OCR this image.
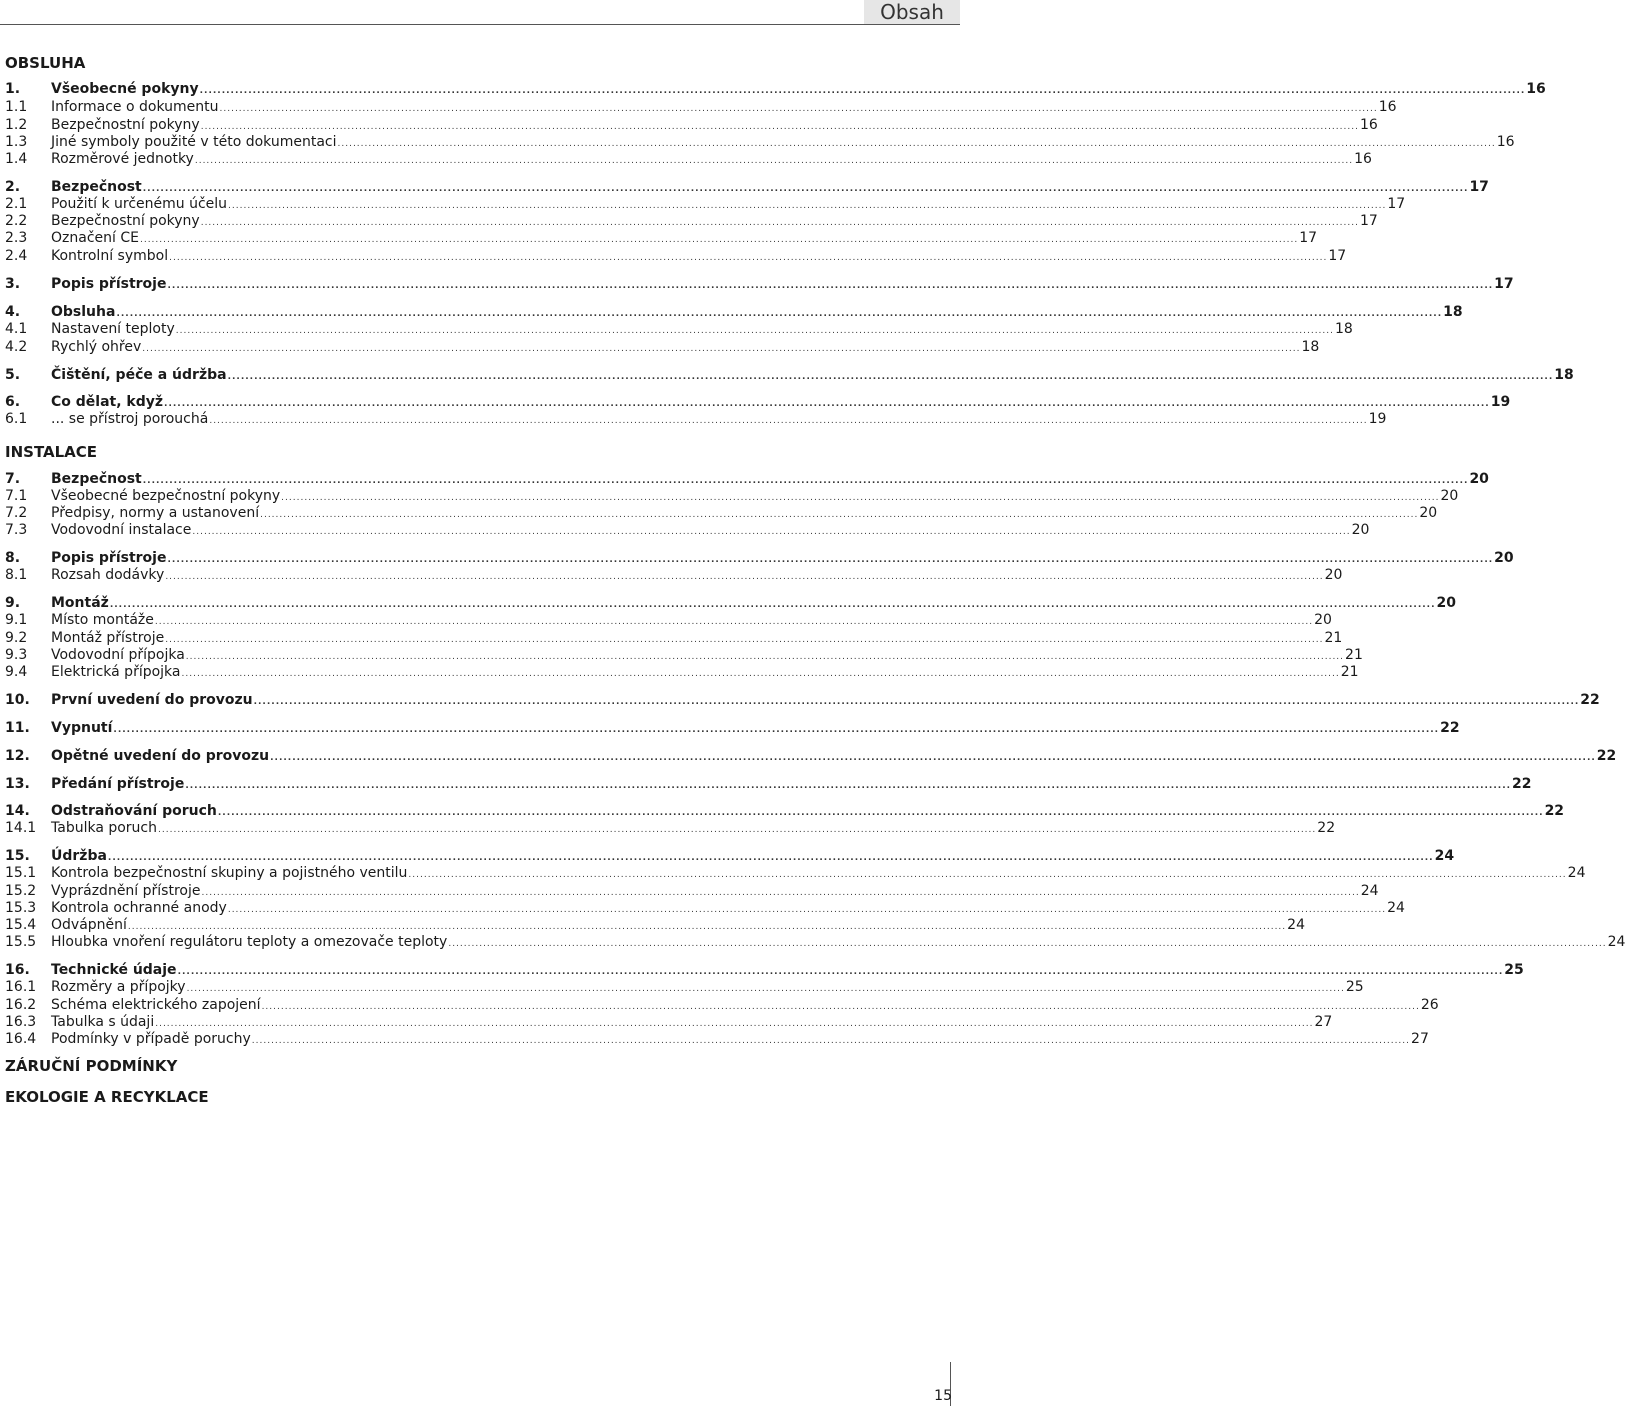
Obsah
OBSLUHA
INSTALACE
ZÁRUČNÍ PODMÍNKY
EKOLOGIE A RECYKLACE
1.	Všeobecné pokyny ............................................................................................................................................................................................................................................................................................................ 16
1.1	Informace o dokumentu ............................................................................................................................................................................................................................................................................................................ 16
1.2	Bezpečnostní pokyny ............................................................................................................................................................................................................................................................................................................ 16
1.3	Jiné symboly použité v této dokumentaci ............................................................................................................................................................................................................................................................................................................ 16
1.4	Rozměrové jednotky ............................................................................................................................................................................................................................................................................................................ 16
2.	Bezpečnost ............................................................................................................................................................................................................................................................................................................ 17
2.1	Použití k určenému účelu ............................................................................................................................................................................................................................................................................................................ 17
2.2	Bezpečnostní pokyny ............................................................................................................................................................................................................................................................................................................ 17
2.3	Označení CE ............................................................................................................................................................................................................................................................................................................ 17
2.4	Kontrolní symbol ............................................................................................................................................................................................................................................................................................................ 17
3.	Popis přístroje ............................................................................................................................................................................................................................................................................................................ 17
4.	Obsluha ............................................................................................................................................................................................................................................................................................................ 18
4.1	Nastavení teploty ............................................................................................................................................................................................................................................................................................................ 18
4.2	Rychlý ohřev ............................................................................................................................................................................................................................................................................................................ 18
5.	Čištění, péče a údržba ............................................................................................................................................................................................................................................................................................................ 18
6.	Co dělat, když ............................................................................................................................................................................................................................................................................................................ 19
6.1	... se přístroj porouchá ............................................................................................................................................................................................................................................................................................................ 19
7.	Bezpečnost ............................................................................................................................................................................................................................................................................................................ 20
7.1	Všeobecné bezpečnostní pokyny ............................................................................................................................................................................................................................................................................................................ 20
7.2	Předpisy, normy a ustanovení ............................................................................................................................................................................................................................................................................................................ 20
7.3	Vodovodní instalace ............................................................................................................................................................................................................................................................................................................ 20
8.	Popis přístroje ............................................................................................................................................................................................................................................................................................................ 20
8.1	Rozsah dodávky ............................................................................................................................................................................................................................................................................................................ 20
9.	Montáž ............................................................................................................................................................................................................................................................................................................ 20
9.1	Místo montáže ............................................................................................................................................................................................................................................................................................................ 20
9.2	Montáž přístroje ............................................................................................................................................................................................................................................................................................................ 21
9.3	Vodovodní přípojka ............................................................................................................................................................................................................................................................................................................ 21
9.4	Elektrická přípojka ............................................................................................................................................................................................................................................................................................................ 21
10.	První uvedení do provozu ............................................................................................................................................................................................................................................................................................................ 22
11.	Vypnutí ............................................................................................................................................................................................................................................................................................................ 22
12.	Opětné uvedení do provozu ............................................................................................................................................................................................................................................................................................................ 22
13.	Předání přístroje ............................................................................................................................................................................................................................................................................................................ 22
14.	Odstraňování poruch ............................................................................................................................................................................................................................................................................................................ 22
14.1	Tabulka poruch ............................................................................................................................................................................................................................................................................................................ 22
15.	Údržba ............................................................................................................................................................................................................................................................................................................ 24
15.1	Kontrola bezpečnostní skupiny a pojistného ventilu ............................................................................................................................................................................................................................................................................................................ 24
15.2	Vyprázdnění přístroje ............................................................................................................................................................................................................................................................................................................ 24
15.3	Kontrola ochranné anody ............................................................................................................................................................................................................................................................................................................ 24
15.4	Odvápnění ............................................................................................................................................................................................................................................................................................................ 24
15.5	Hloubka vnoření regulátoru teploty a omezovače teploty ............................................................................................................................................................................................................................................................................................................ 24
16.	Technické údaje ............................................................................................................................................................................................................................................................................................................ 25
16.1	Rozměry a přípojky ............................................................................................................................................................................................................................................................................................................ 25
16.2	Schéma elektrického zapojení ............................................................................................................................................................................................................................................................................................................ 26
16.3	Tabulka s údaji ............................................................................................................................................................................................................................................................................................................ 27
16.4	Podmínky v případě poruchy ............................................................................................................................................................................................................................................................................................................ 27
15
